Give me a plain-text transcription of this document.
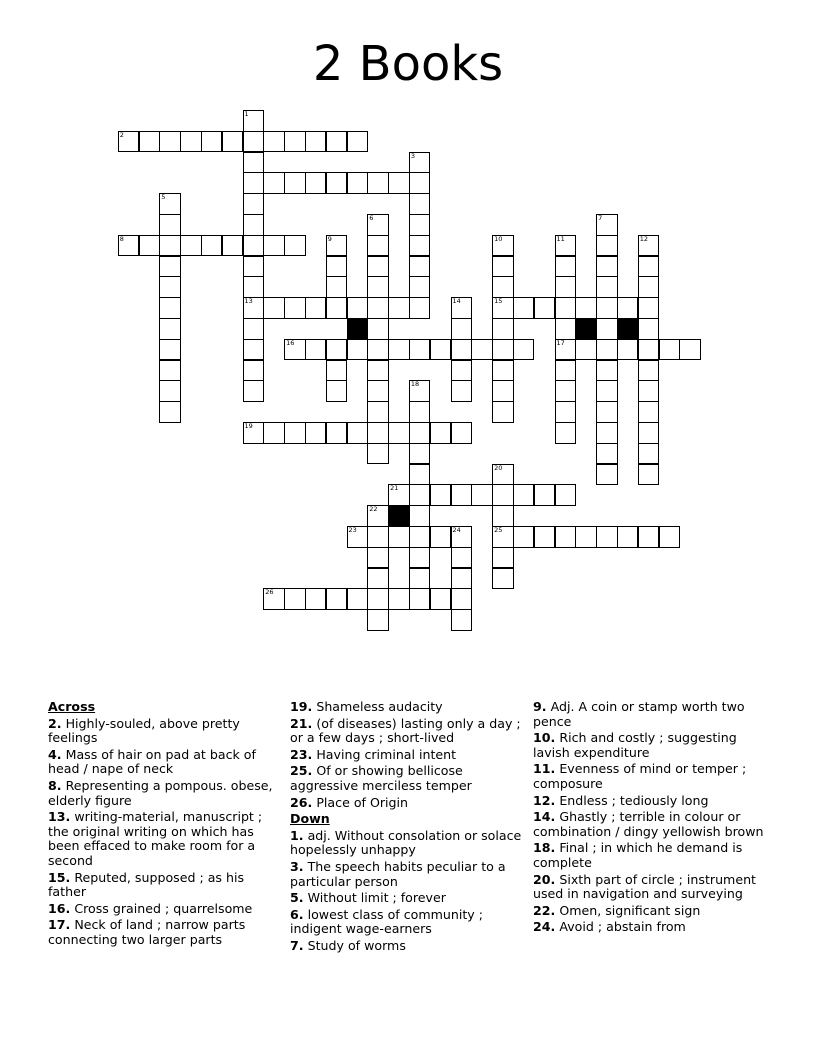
2 Books
1
2
3
5
6	7
8	9	10	11	12
13	14	15
16	17
18
19
20
21
22
23	24	25
26
Across
2. Highly-souled, above pretty feelings
4. Mass of hair on pad at back of head / nape of neck
8. Representing a pompous. obese, elderly figure
13. writing-material, manuscript ; the original writing on which has been effaced to make room for a second
15. Reputed, supposed ; as his father
16. Cross grained ; quarrelsome
17. Neck of land ; narrow parts connecting two larger parts
19. Shameless audacity
21. (of diseases) lasting only a day ; or a few days ; short-lived
23. Having criminal intent
25. Of or showing bellicose aggressive merciless temper
26. Place of Origin
Down
1. adj. Without consolation or solace hopelessly unhappy
3. The speech habits peculiar to a particular person
5. Without limit ; forever
6. lowest class of community ; indigent wage-earners
7. Study of worms
9. Adj. A coin or stamp worth two pence
10. Rich and costly ; suggesting lavish expenditure
11. Evenness of mind or temper ; composure
12. Endless ; tediously long
14. Ghastly ; terrible in colour or combination / dingy yellowish brown
18. Final ; in which he demand is complete
20. Sixth part of circle ; instrument used in navigation and surveying
22. Omen, significant sign
24. Avoid ; abstain from
